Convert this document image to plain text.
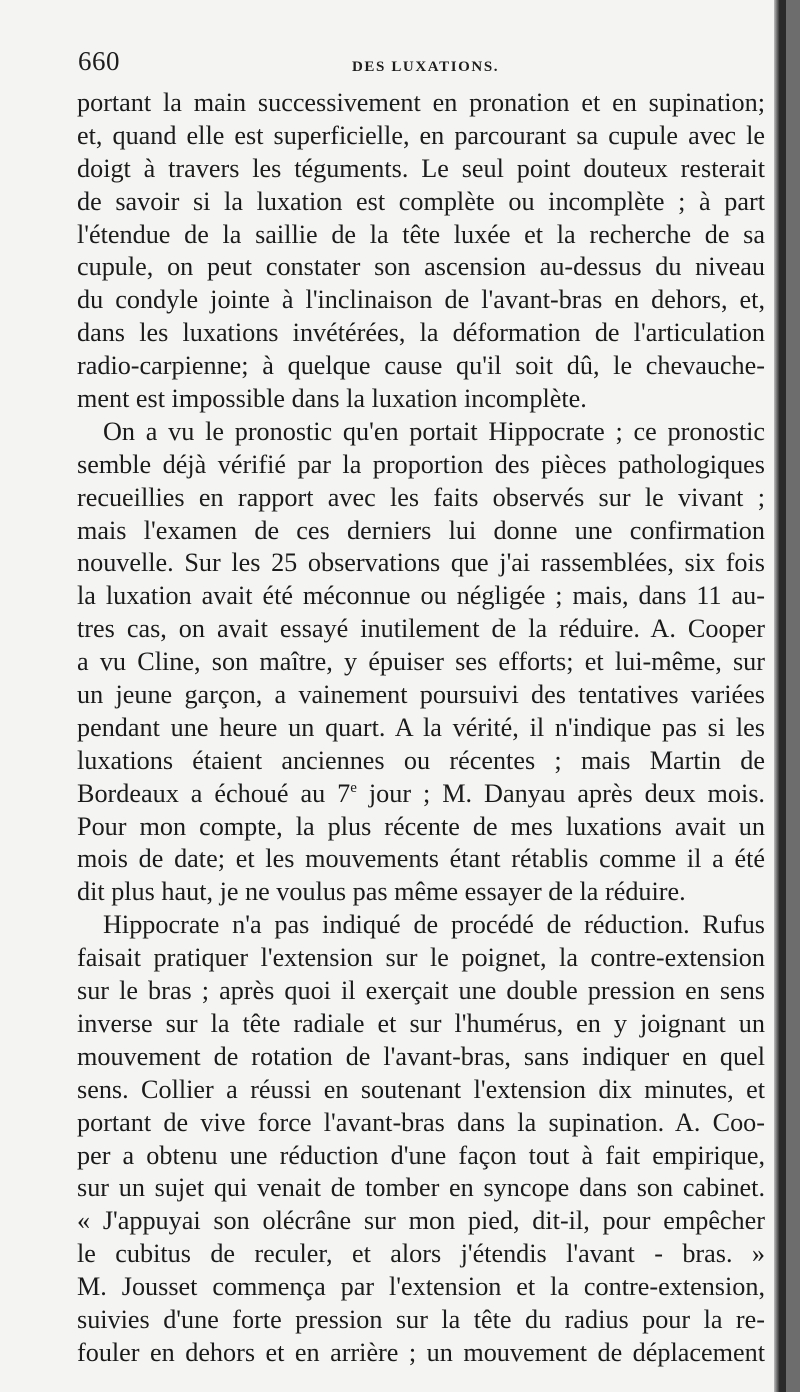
660	DES LUXATIONS.
portant la main successivement en pronation et en supination;
et, quand elle est superficielle, en parcourant sa cupule avec le
doigt à travers les téguments. Le seul point douteux resterait
de savoir si la luxation est complète ou incomplète ; à part
l'étendue de la saillie de la tête luxée et la recherche de sa
cupule, on peut constater son ascension au-dessus du niveau
du condyle jointe à l'inclinaison de l'avant-bras en dehors, et,
dans les luxations invétérées, la déformation de l'articulation
radio-carpienne; à quelque cause qu'il soit dû, le chevauche-
ment est impossible dans la luxation incomplète.
On a vu le pronostic qu'en portait Hippocrate ; ce pronostic
semble déjà vérifié par la proportion des pièces pathologiques
recueillies en rapport avec les faits observés sur le vivant ;
mais l'examen de ces derniers lui donne une confirmation
nouvelle. Sur les 25 observations que j'ai rassemblées, six fois
la luxation avait été méconnue ou négligée ; mais, dans 11 au-
tres cas, on avait essayé inutilement de la réduire. A. Cooper
a vu Cline, son maître, y épuiser ses efforts; et lui-même, sur
un jeune garçon, a vainement poursuivi des tentatives variées
pendant une heure un quart. A la vérité, il n'indique pas si les
luxations étaient anciennes ou récentes ; mais Martin de
Bordeaux a échoué au 7e jour ; M. Danyau après deux mois.
Pour mon compte, la plus récente de mes luxations avait un
mois de date; et les mouvements étant rétablis comme il a été
dit plus haut, je ne voulus pas même essayer de la réduire.
Hippocrate n'a pas indiqué de procédé de réduction. Rufus
faisait pratiquer l'extension sur le poignet, la contre-extension
sur le bras ; après quoi il exerçait une double pression en sens
inverse sur la tête radiale et sur l'humérus, en y joignant un
mouvement de rotation de l'avant-bras, sans indiquer en quel
sens. Collier a réussi en soutenant l'extension dix minutes, et
portant de vive force l'avant-bras dans la supination. A. Coo-
per a obtenu une réduction d'une façon tout à fait empirique,
sur un sujet qui venait de tomber en syncope dans son cabinet.
« J'appuyai son olécrâne sur mon pied, dit-il, pour empêcher
le cubitus de reculer, et alors j'étendis l'avant - bras. »
M. Jousset commença par l'extension et la contre-extension,
suivies d'une forte pression sur la tête du radius pour la re-
fouler en dehors et en arrière ; un mouvement de déplacement
